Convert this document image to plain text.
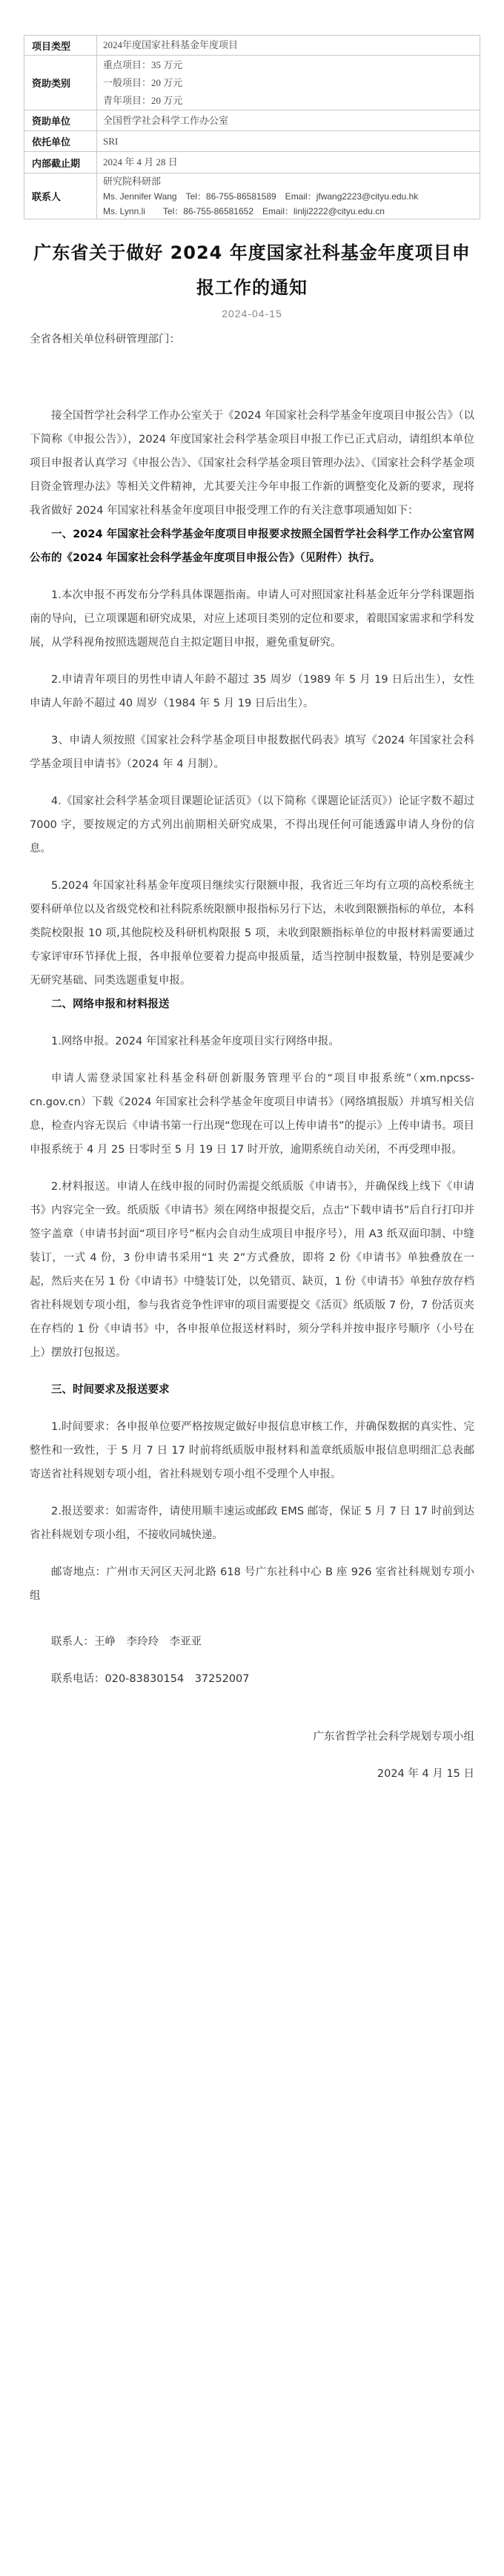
项目类型	2024年度国家社科基金年度项目

资助类别	重点项目：35 万元
一般项目：20 万元
青年项目：20 万元

资助单位	全国哲学社会科学工作办公室

依托单位	SRI

内部截止期	2024 年 4 月 28 日

联系人	研究院科研部
Ms. Jennifer Wang　Tel：86-755-86581589　Email：jfwang2223@cityu.edu.hk
Ms. Lynn.li　　Tel：86-755-86581652　Email：linlji2222@cityu.edu.cn
广东省关于做好 2024 年度国家社科基金年度项目申报工作的通知
2024-04-15

全省各相关单位科研管理部门：

接全国哲学社会科学工作办公室关于《2024 年国家社会科学基金年度项目申报公告》（以下简称《申报公告》），2024 年度国家社会科学基金项目申报工作已正式启动，请组织本单位项目申报者认真学习《申报公告》、《国家社会科学基金项目管理办法》、《国家社会科学基金项目资金管理办法》等相关文件精神，尤其要关注今年申报工作新的调整变化及新的要求，现将我省做好 2024 年国家社科基金年度项目申报受理工作的有关注意事项通知如下：

一、2024 年国家社会科学基金年度项目申报要求按照全国哲学社会科学工作办公室官网公布的《2024 年国家社会科学基金年度项目申报公告》（见附件）执行。

1.本次申报不再发布分学科具体课题指南。申请人可对照国家社科基金近年分学科课题指南的导向，已立项课题和研究成果，对应上述项目类别的定位和要求，着眼国家需求和学科发展，从学科视角按照选题规范自主拟定题目申报，避免重复研究。

2.申请青年项目的男性申请人年龄不超过 35 周岁（1989 年 5 月 19 日后出生），女性申请人年龄不超过 40 周岁（1984 年 5 月 19 日后出生）。

3、申请人须按照《国家社会科学基金项目申报数据代码表》填写《2024 年国家社会科学基金项目申请书》（2024 年 4 月制）。

4.《国家社会科学基金项目课题论证活页》（以下简称《课题论证活页》）论证字数不超过 7000 字，要按规定的方式列出前期相关研究成果，不得出现任何可能透露申请人身份的信息。

5.2024 年国家社科基金年度项目继续实行限额申报，我省近三年均有立项的高校系统主要科研单位以及省级党校和社科院系统限额申报指标另行下达，未收到限额指标的单位，本科类院校限报 10 项,其他院校及科研机构限报 5 项，未收到限额指标单位的申报材料需要通过专家评审环节择优上报，各申报单位要着力提高申报质量，适当控制申报数量，特别是要减少无研究基础、同类选题重复申报。

二、网络申报和材料报送

1.网络申报。2024 年国家社科基金年度项目实行网络申报。

申请人需登录国家社科基金科研创新服务管理平台的“项目申报系统”（xm.npcss-cn.gov.cn）下载《2024 年国家社会科学基金年度项目申请书》（网络填报版）并填写相关信息，检查内容无误后《申请书第一行出现“您现在可以上传申请书”的提示》上传申请书。项目申报系统于 4 月 25 日零时至 5 月 19 日 17 时开放，逾期系统自动关闭，不再受理申报。

2.材料报送。申请人在线申报的同时仍需提交纸质版《申请书》，并确保线上线下《申请书》内容完全一致。纸质版《申请书》须在网络申报提交后，点击“下载申请书”后自行打印并签字盖章（申请书封面“项目序号”框内会自动生成项目申报序号），用 A3 纸双面印制、中缝装订，一式 4 份，3 份申请书采用“1 夹 2”方式叠放，即将 2 份《申请书》单独叠放在一起，然后夹在另 1 份《申请书》中缝装订处，以免错页、缺页，1 份《申请书》单独存放存档省社科规划专项小组，参与我省竞争性评审的项目需要提交《活页》纸质版 7 份，7 份活页夹在存档的 1 份《申请书》中，各申报单位报送材料时，须分学科并按申报序号顺序（小号在上）摆放打包报送。

三、时间要求及报送要求

1.时间要求：各申报单位要严格按规定做好申报信息审核工作，并确保数据的真实性、完整性和一致性，于 5 月 7 日 17 时前将纸质版申报材料和盖章纸质版申报信息明细汇总表邮寄送省社科规划专项小组，省社科规划专项小组不受理个人申报。

2.报送要求：如需寄件，请使用顺丰速运或邮政 EMS 邮寄，保证 5 月 7 日 17 时前到达省社科规划专项小组，不接收同城快递。

邮寄地点：广州市天河区天河北路 618 号广东社科中心 B 座 926 室省社科规划专项小组

联系人：王峥　李玲玲　李亚亚

联系电话：020-83830154　37252007

广东省哲学社会科学规划专项小组

2024 年 4 月 15 日
